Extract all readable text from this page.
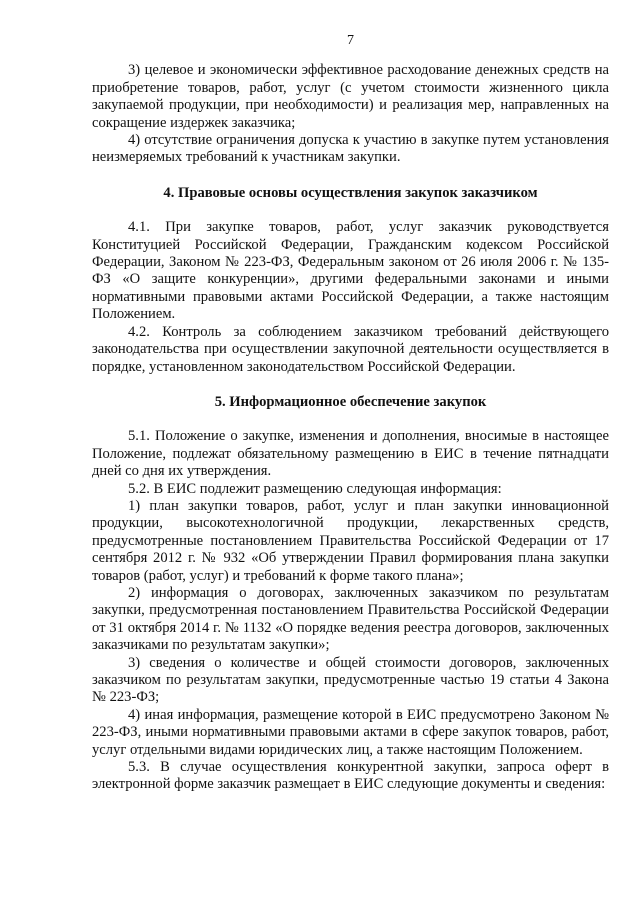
7

3) целевое и экономически эффективное расходование денежных средств на приобретение товаров, работ, услуг (с учетом стоимости жизненного цикла закупаемой продукции, при необходимости) и реализация мер, направленных на сокращение издержек заказчика;

4) отсутствие ограничения допуска к участию в закупке путем установления неизмеряемых требований к участникам закупки.

4. Правовые основы осуществления закупок заказчиком

4.1. При закупке товаров, работ, услуг заказчик руководствуется Конституцией Российской Федерации, Гражданским кодексом Российской Федерации, Законом № 223-ФЗ, Федеральным законом от 26 июля 2006 г. № 135-ФЗ «О защите конкуренции», другими федеральными законами и иными нормативными правовыми актами Российской Федерации, а также настоящим Положением.

4.2. Контроль за соблюдением заказчиком требований действующего законодательства при осуществлении закупочной деятельности осуществляется в порядке, установленном законодательством Российской Федерации.

5. Информационное обеспечение закупок

5.1. Положение о закупке, изменения и дополнения, вносимые в настоящее Положение, подлежат обязательному размещению в ЕИС в течение пятнадцати дней со дня их утверждения.

5.2. В ЕИС подлежит размещению следующая информация:

1) план закупки товаров, работ, услуг и план закупки инновационной продукции, высокотехнологичной продукции, лекарственных средств, предусмотренные постановлением Правительства Российской Федерации от 17 сентября 2012 г. № 932 «Об утверждении Правил формирования плана закупки товаров (работ, услуг) и требований к форме такого плана»;

2) информация о договорах, заключенных заказчиком по результатам закупки, предусмотренная постановлением Правительства Российской Федерации от 31 октября 2014 г. № 1132 «О порядке ведения реестра договоров, заключенных заказчиками по результатам закупки»;

3) сведения о количестве и общей стоимости договоров, заключенных заказчиком по результатам закупки, предусмотренные частью 19 статьи 4 Закона № 223-ФЗ;

4) иная информация, размещение которой в ЕИС предусмотрено Законом № 223-ФЗ, иными нормативными правовыми актами в сфере закупок товаров, работ, услуг отдельными видами юридических лиц, а также настоящим Положением.

5.3. В случае осуществления конкурентной закупки, запроса оферт в электронной форме заказчик размещает в ЕИС следующие документы и сведения:
